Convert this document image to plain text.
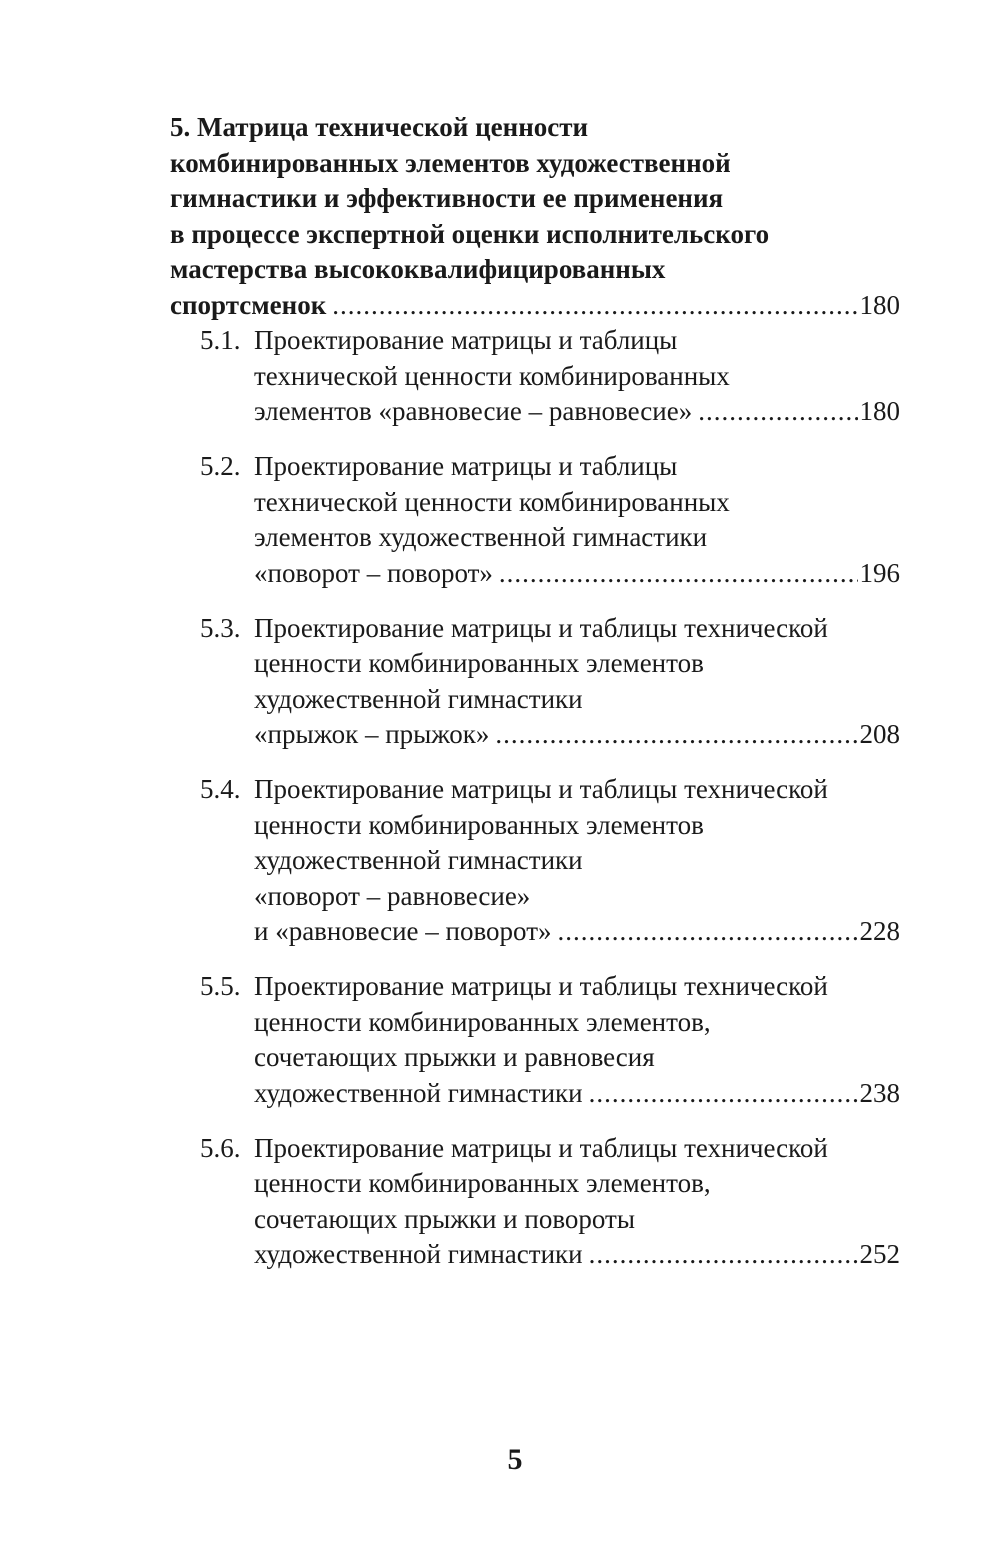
5. Матрица технической ценности
комбинированных элементов художественной
гимнастики и эффективности ее применения
в процессе экспертной оценки исполнительского
мастерства высококвалифицированных
спортсменок .....	180
5.1. Проектирование матрицы и таблицы
технической ценности комбинированных
элементов «равновесие – равновесие» .....	180
5.2. Проектирование матрицы и таблицы
технической ценности комбинированных
элементов художественной гимнастики
«поворот – поворот» .....	196
5.3. Проектирование матрицы и таблицы технической
ценности комбинированных элементов
художественной гимнастики
«прыжок – прыжок» .....	208
5.4. Проектирование матрицы и таблицы технической
ценности комбинированных элементов
художественной гимнастики
«поворот – равновесие»
и «равновесие – поворот» .....	228
5.5. Проектирование матрицы и таблицы технической
ценности комбинированных элементов,
сочетающих прыжки и равновесия
художественной гимнастики .....	238
5.6. Проектирование матрицы и таблицы технической
ценности комбинированных элементов,
сочетающих прыжки и повороты
художественной гимнастики .....	252
5
